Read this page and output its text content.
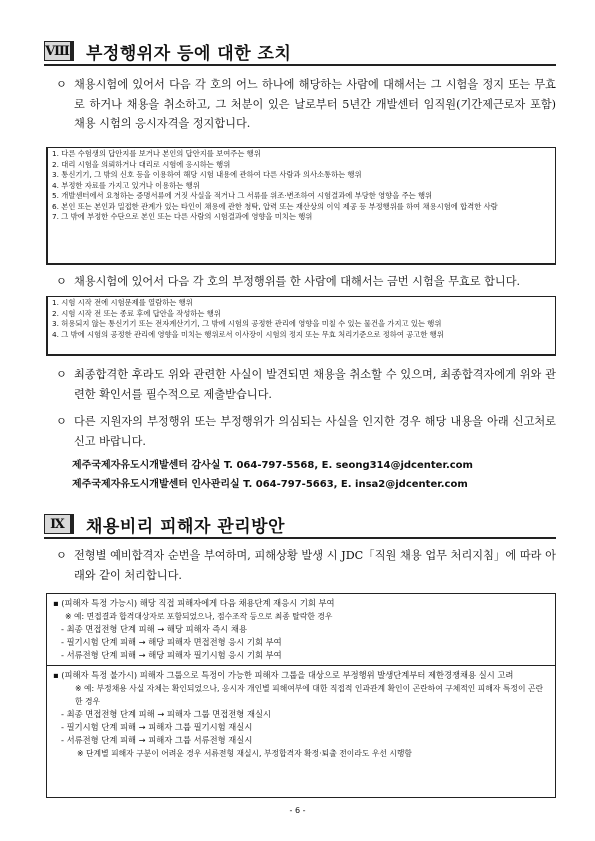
Ⅷ 부정행위자 등에 대한 조치
ㅇ 채용시험에 있어서 다음 각 호의 어느 하나에 해당하는 사람에 대해서는 그 시험을 정지 또는 무효로 하거나 채용을 취소하고, 그 처분이 있은 날로부터 5년간 개발센터 임직원(기간제근로자 포함) 채용 시험의 응시자격을 정지합니다.
1. 다른 수험생의 답안지를 보거나 본인의 답안지를 보여주는 행위
2. 대리 시험을 의뢰하거나 대리로 시험에 응시하는 행위
3. 통신기기, 그 밖의 신호 등을 이용하여 해당 시험 내용에 관하여 다른 사람과 의사소통하는 행위
4. 부정한 자료를 가지고 있거나 이용하는 행위
5. 개발센터에서 요청하는 증명서류에 거짓 사실을 적거나 그 서류를 위조·변조하여 시험결과에 부당한 영향을 주는 행위
6. 본인 또는 본인과 밀접한 관계가 있는 타인이 채용에 관한 청탁, 압력 또는 재산상의 이익 제공 등 부정행위를 하여 채용시험에 합격한 사람
7. 그 밖에 부정한 수단으로 본인 또는 다른 사람의 시험결과에 영향을 미치는 행위
ㅇ 채용시험에 있어서 다음 각 호의 부정행위를 한 사람에 대해서는 금번 시험을 무효로 합니다.
1. 시험 시작 전에 시험문제를 열람하는 행위
2. 시험 시작 전 또는 종료 후에 답안을 작성하는 행위
3. 허용되지 않는 통신기기 또는 전자계산기기, 그 밖에 시험의 공정한 관리에 영향을 미칠 수 있는 물건을 가지고 있는 행위
4. 그 밖에 시험의 공정한 관리에 영향을 미치는 행위로서 이사장이 시험의 정지 또는 무효 처리기준으로 정하여 공고한 행위
ㅇ 최종합격한 후라도 위와 관련한 사실이 발견되면 채용을 취소할 수 있으며, 최종합격자에게 위와 관련한 확인서를 필수적으로 제출받습니다.
ㅇ 다른 지원자의 부정행위 또는 부정행위가 의심되는 사실을 인지한 경우 해당 내용을 아래 신고처로 신고 바랍니다.
제주국제자유도시개발센터 감사실 T. 064-797-5568, E. seong314@jdcenter.com
제주국제자유도시개발센터 인사관리실 T. 064-797-5663, E. insa2@jdcenter.com
Ⅸ	채용비리 피해자 관리방안
ㅇ 전형별 예비합격자 순번을 부여하며, 피해상황 발생 시 JDC「직원 채용 업무 처리지침」에 따라 아래와 같이 처리합니다.
▪ (피해자 특정 가능시) 해당 직접 피해자에게 다음 채용단계 재응시 기회 부여
※ 예: 면접결과 합격대상자로 포함되었으나, 점수조작 등으로 최종 탈락한 경우
- 최종 면접전형 단계 피해 → 해당 피해자 즉시 채용
- 필기시험 단계 피해 → 해당 피해자 면접전형 응시 기회 부여
- 서류전형 단계 피해 → 해당 피해자 필기시험 응시 기회 부여
▪ (피해자 특정 불가시) 피해자 그룹으로 특정이 가능한 피해자 그룹을 대상으로 부정행위 발생단계부터 제한경쟁채용 실시 고려
※ 예: 부정채용 사실 자체는 확인되었으나, 응시자 개인별 피해여부에 대한 직접적 인과관계 확인이 곤란하여 구체적인 피해자 특정이 곤란한 경우
- 최종 면접전형 단계 피해 → 피해자 그룹 면접전형 재실시
- 필기시험 단계 피해 → 피해자 그룹 필기시험 재실시
- 서류전형 단계 피해 → 피해자 그룹 서류전형 재실시
※ 단계별 피해자 구분이 어려운 경우 서류전형 재실시, 부정합격자 확정·퇴출 전이라도 우선 시행함
- 6 -
